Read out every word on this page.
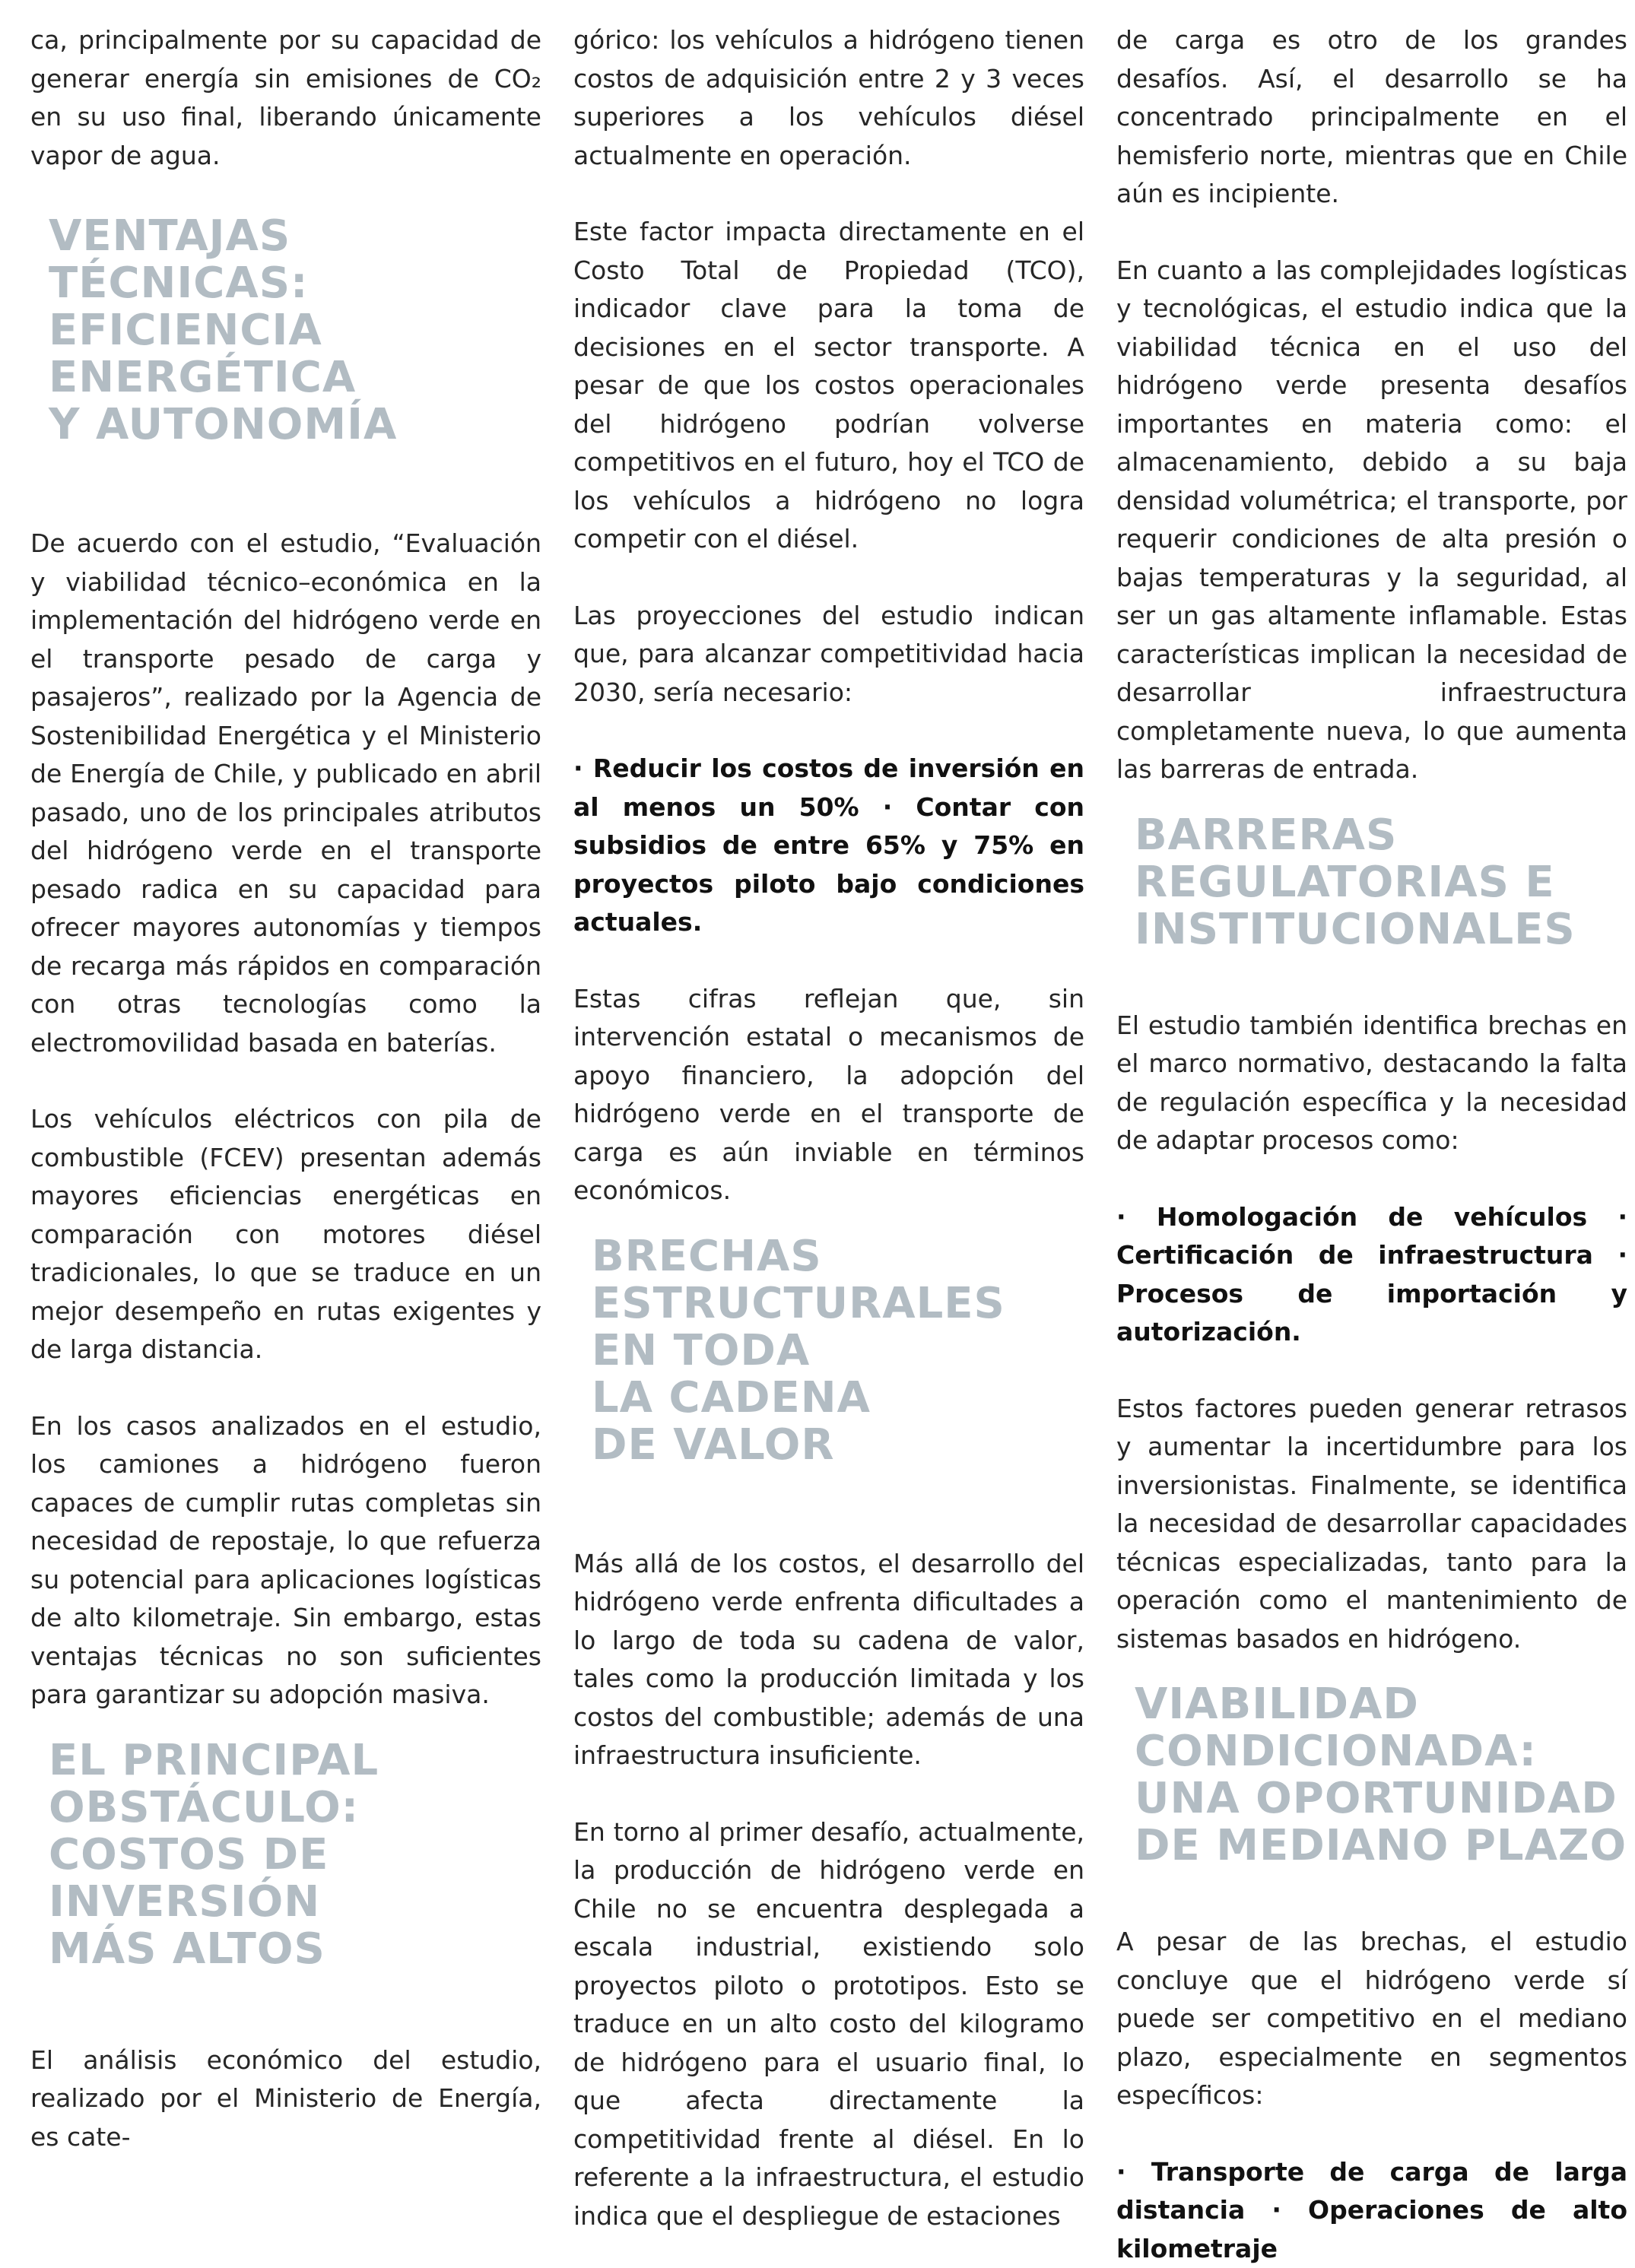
ca, principalmente por su capacidad de generar energía sin emisiones de CO₂ en su uso final, liberando únicamente vapor de agua.

VENTAJAS
TÉCNICAS:
EFICIENCIA
ENERGÉTICA
Y AUTONOMÍA

De acuerdo con el estudio, “Evaluación y viabilidad técnico–económica en la implementación del hidrógeno verde en el transporte pesado de carga y pasajeros”, realizado por la Agencia de Sostenibilidad Energética y el Ministerio de Energía de Chile, y publicado en abril pasado, uno de los principales atributos del hidrógeno verde en el transporte pesado radica en su capacidad para ofrecer mayores autonomías y tiempos de recarga más rápidos en comparación con otras tecnologías como la electromovilidad basada en baterías.

Los vehículos eléctricos con pila de combustible (FCEV) presentan además mayores eficiencias energéticas en comparación con motores diésel tradicionales, lo que se traduce en un mejor desempeño en rutas exigentes y de larga distancia.

En los casos analizados en el estudio, los camiones a hidrógeno fueron capaces de cumplir rutas completas sin necesidad de repostaje, lo que refuerza su potencial para aplicaciones logísticas de alto kilometraje. Sin embargo, estas ventajas técnicas no son suficientes para garantizar su adopción masiva.

EL PRINCIPAL
OBSTÁCULO:
COSTOS DE
INVERSIÓN
MÁS ALTOS

El análisis económico del estudio, realizado por el Ministerio de Energía, es cate-

górico: los vehículos a hidrógeno tienen costos de adquisición entre 2 y 3 veces superiores a los vehículos diésel actualmente en operación.

Este factor impacta directamente en el Costo Total de Propiedad (TCO), indicador clave para la toma de decisiones en el sector transporte. A pesar de que los costos operacionales del hidrógeno podrían volverse competitivos en el futuro, hoy el TCO de los vehículos a hidrógeno no logra competir con el diésel.

Las proyecciones del estudio indican que, para alcanzar competitividad hacia 2030, sería necesario:

· Reducir los costos de inversión en al menos un 50% · Contar con subsidios de entre 65% y 75% en proyectos piloto bajo condiciones actuales.

Estas cifras reflejan que, sin intervención estatal o mecanismos de apoyo financiero, la adopción del hidrógeno verde en el transporte de carga es aún inviable en términos económicos.

BRECHAS
ESTRUCTURALES
EN TODA
LA CADENA
DE VALOR

Más allá de los costos, el desarrollo del hidrógeno verde enfrenta dificultades a lo largo de toda su cadena de valor, tales como la producción limitada y los costos del combustible; además de una infraestructura insuficiente.

En torno al primer desafío, actualmente, la producción de hidrógeno verde en Chile no se encuentra desplegada a escala industrial, existiendo solo proyectos piloto o prototipos. Esto se traduce en un alto costo del kilogramo de hidrógeno para el usuario final, lo que afecta directamente la competitividad frente al diésel. En lo referente a la infraestructura, el estudio indica que el despliegue de estaciones

de carga es otro de los grandes desafíos. Así, el desarrollo se ha concentrado principalmente en el hemisferio norte, mientras que en Chile aún es incipiente.

En cuanto a las complejidades logísticas y tecnológicas, el estudio indica que la viabilidad técnica en el uso del hidrógeno verde presenta desafíos importantes en materia como: el almacenamiento, debido a su baja densidad volumétrica; el transporte, por requerir condiciones de alta presión o bajas temperaturas y la seguridad, al ser un gas altamente inflamable. Estas características implican la necesidad de desarrollar infraestructura completamente nueva, lo que aumenta las barreras de entrada.

BARRERAS
REGULATORIAS E
INSTITUCIONALES

El estudio también identifica brechas en el marco normativo, destacando la falta de regulación específica y la necesidad de adaptar procesos como:

· Homologación de vehículos · Certificación de infraestructura · Procesos de importación y autorización.

Estos factores pueden generar retrasos y aumentar la incertidumbre para los inversionistas. Finalmente, se identifica la necesidad de desarrollar capacidades técnicas especializadas, tanto para la operación como el mantenimiento de sistemas basados en hidrógeno.

VIABILIDAD
CONDICIONADA:
UNA OPORTUNIDAD
DE MEDIANO PLAZO

A pesar de las brechas, el estudio concluye que el hidrógeno verde sí puede ser competitivo en el mediano plazo, especialmente en segmentos específicos:

· Transporte de carga de larga distancia · Operaciones de alto kilometraje
